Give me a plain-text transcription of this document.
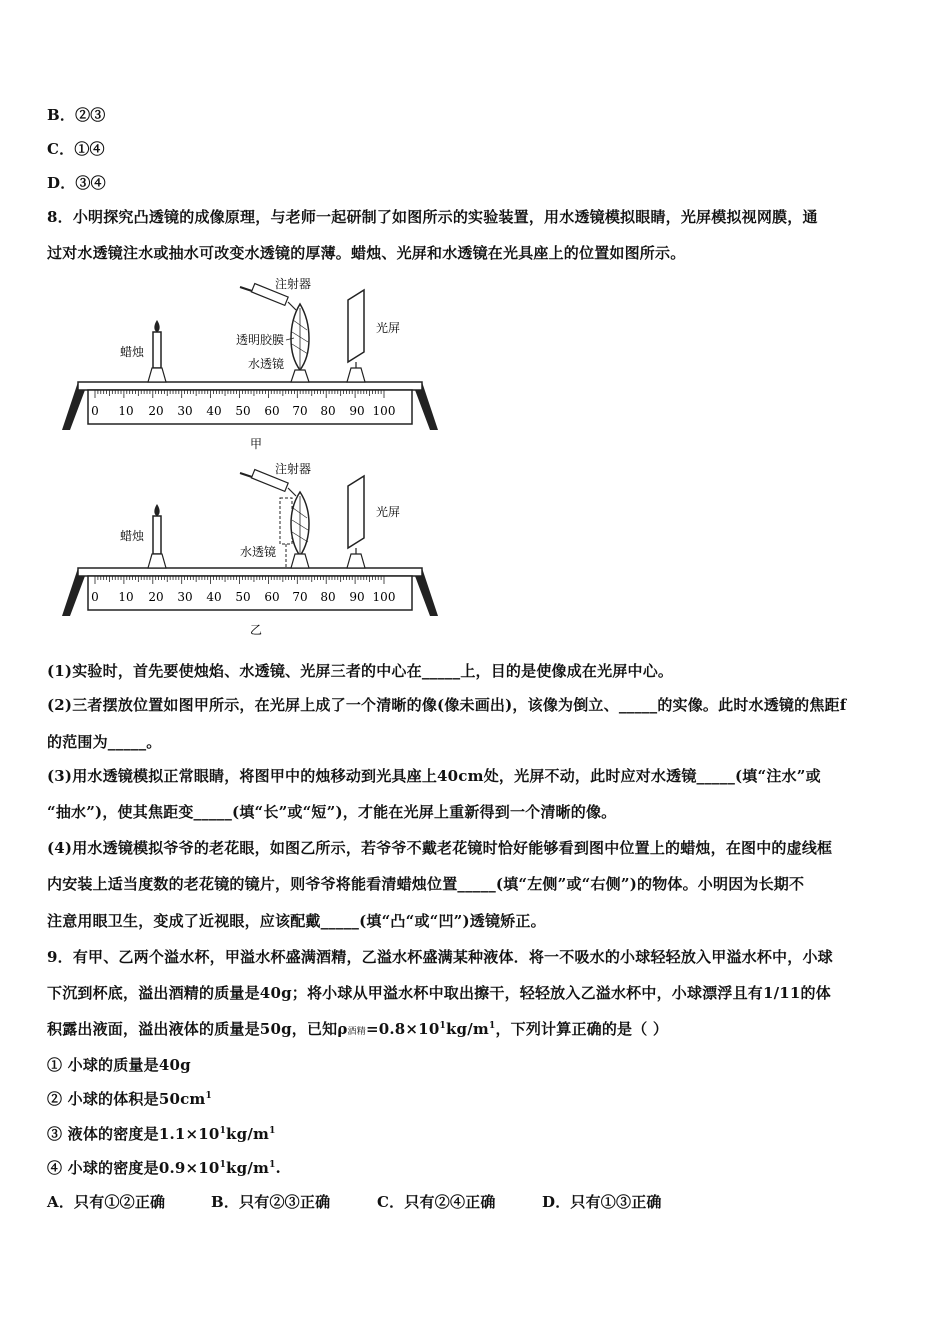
B．②③
C．①④
D．③④
8．小明探究凸透镜的成像原理，与老师一起研制了如图所示的实验装置，用水透镜模拟眼睛，光屏模拟视网膜，通
过对水透镜注水或抽水可改变水透镜的厚薄。蜡烛、光屏和水透镜在光具座上的位置如图所示。
0 10 20 30 40 50 60 70 80 90 100
蜡烛
注射器
透明胶膜
水透镜
光屏
甲
0 10 20 30 40 50 60 70 80 90 100
蜡烛
注射器
水透镜
光屏
乙
(1)实验时，首先要使烛焰、水透镜、光屏三者的中心在_____上，目的是使像成在光屏中心。
(2)三者摆放位置如图甲所示，在光屏上成了一个清晰的像(像未画出)，该像为倒立、_____的实像。此时水透镜的焦距f
的范围为_____。
(3)用水透镜模拟正常眼睛，将图甲中的烛移动到光具座上40cm处，光屏不动，此时应对水透镜_____(填“注水”或
“抽水”)，使其焦距变_____(填“长”或“短”)，才能在光屏上重新得到一个清晰的像。
(4)用水透镜模拟爷爷的老花眼，如图乙所示，若爷爷不戴老花镜时恰好能够看到图中位置上的蜡烛，在图中的虚线框
内安装上适当度数的老花镜的镜片，则爷爷将能看清蜡烛位置_____(填“左侧”或“右侧”)的物体。小明因为长期不
注意用眼卫生，变成了近视眼，应该配戴_____(填“凸“或“凹”)透镜矫正。
9．有甲、乙两个溢水杯，甲溢水杯盛满酒精，乙溢水杯盛满某种液体．将一不吸水的小球轻轻放入甲溢水杯中，小球
下沉到杯底，溢出酒精的质量是40g；将小球从甲溢水杯中取出擦干，轻轻放入乙溢水杯中，小球漂浮且有1/11的体
积露出液面，溢出液体的质量是50g，已知ρ酒精$=0.8\times 10^1kg/m^1$，下列计算正确的是（ ）
① 小球的质量是40g
② 小球的体积是$50cm^1$
③ 液体的密度是$1.1\times 10^1kg/m^1$
④ 小球的密度是$0.9\times 10^1kg/m^1$.
A．只有①②正确	B．只有②③正确	C．只有②④正确	D．只有①③正确
